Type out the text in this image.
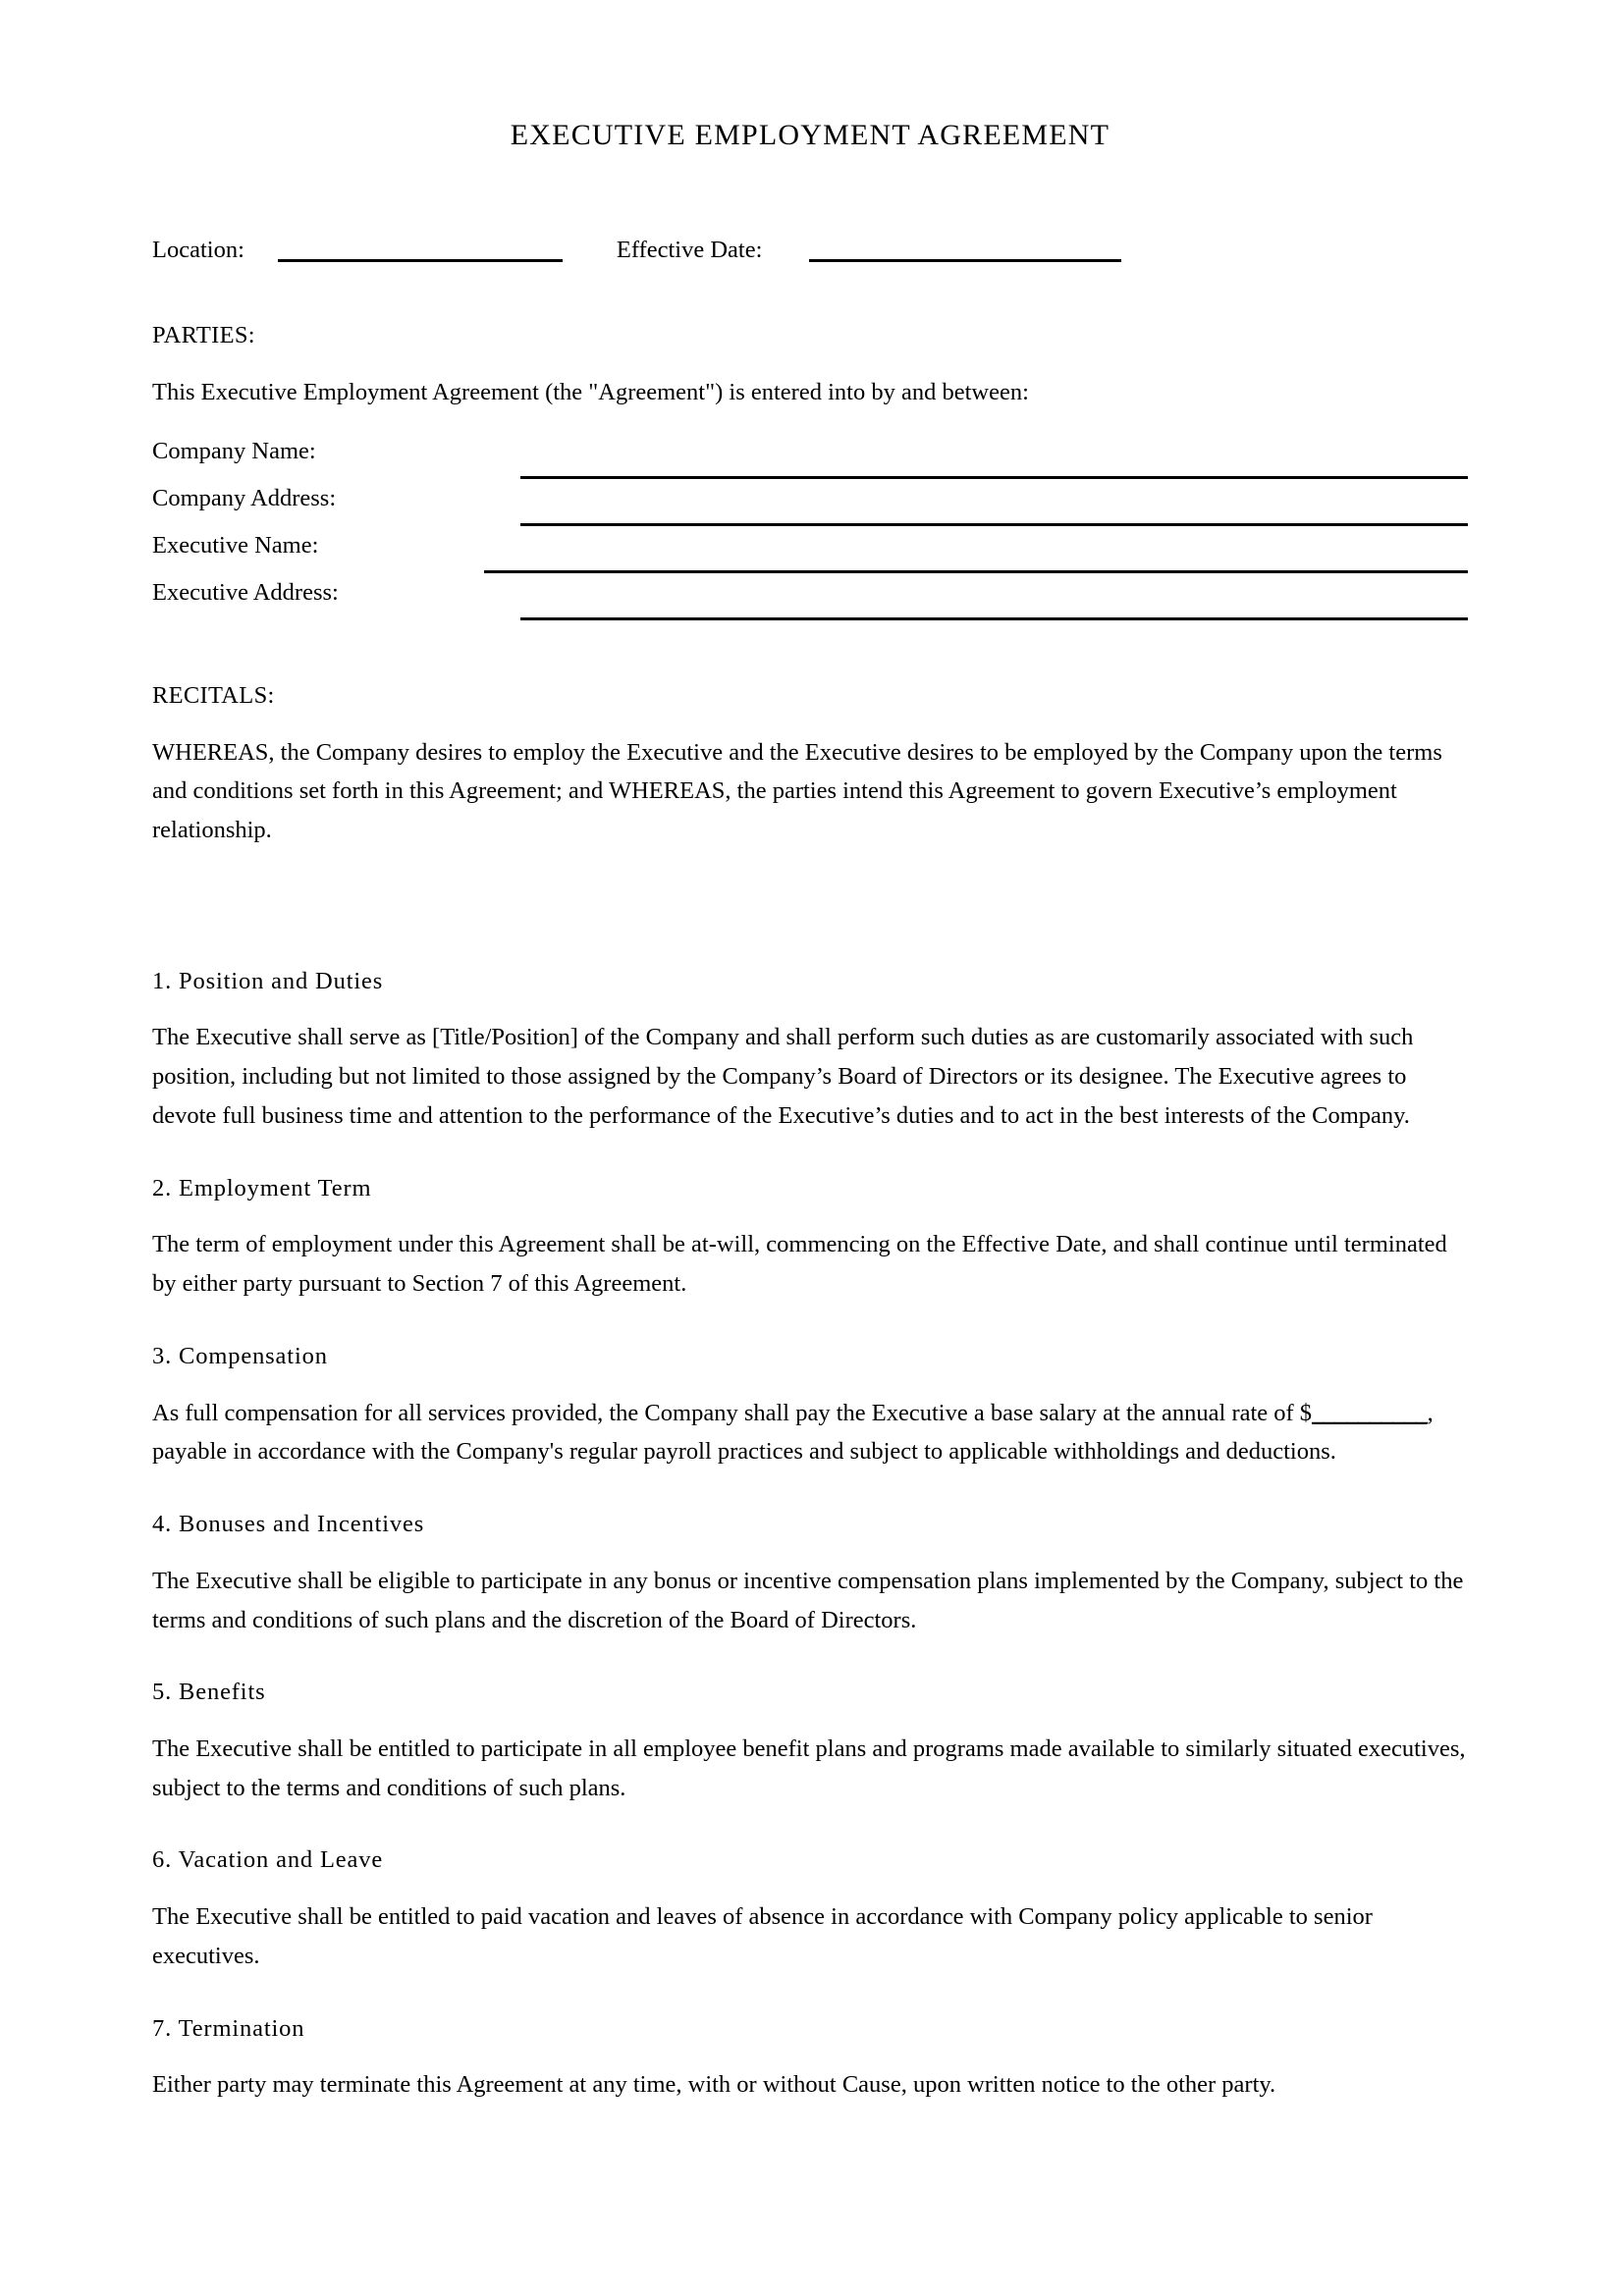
EXECUTIVE EMPLOYMENT AGREEMENT
Location:	Effective Date:
PARTIES:

This Executive Employment Agreement (the "Agreement") is entered into by and between:

Company Name:
Company Address:
Executive Name:
Executive Address:
RECITALS:

WHEREAS, the Company desires to employ the Executive and the Executive desires to be employed by the Company upon the terms and conditions set forth in this Agreement; and WHEREAS, the parties intend this Agreement to govern Executive’s employment relationship.

1. Position and Duties

The Executive shall serve as [Title/Position] of the Company and shall perform such duties as are customarily associated with such position, including but not limited to those assigned by the Company’s Board of Directors or its designee. The Executive agrees to devote full business time and attention to the performance of the Executive’s duties and to act in the best interests of the Company.

2. Employment Term

The term of employment under this Agreement shall be at-will, commencing on the Effective Date, and shall continue until terminated by either party pursuant to Section 7 of this Agreement.

3. Compensation

As full compensation for all services provided, the Company shall pay the Executive a base salary at the annual rate of $__________, payable in accordance with the Company's regular payroll practices and subject to applicable withholdings and deductions.

4. Bonuses and Incentives

The Executive shall be eligible to participate in any bonus or incentive compensation plans implemented by the Company, subject to the terms and conditions of such plans and the discretion of the Board of Directors.

5. Benefits

The Executive shall be entitled to participate in all employee benefit plans and programs made available to similarly situated executives, subject to the terms and conditions of such plans.

6. Vacation and Leave

The Executive shall be entitled to paid vacation and leaves of absence in accordance with Company policy applicable to senior executives.

7. Termination

Either party may terminate this Agreement at any time, with or without Cause, upon written notice to the other party.
